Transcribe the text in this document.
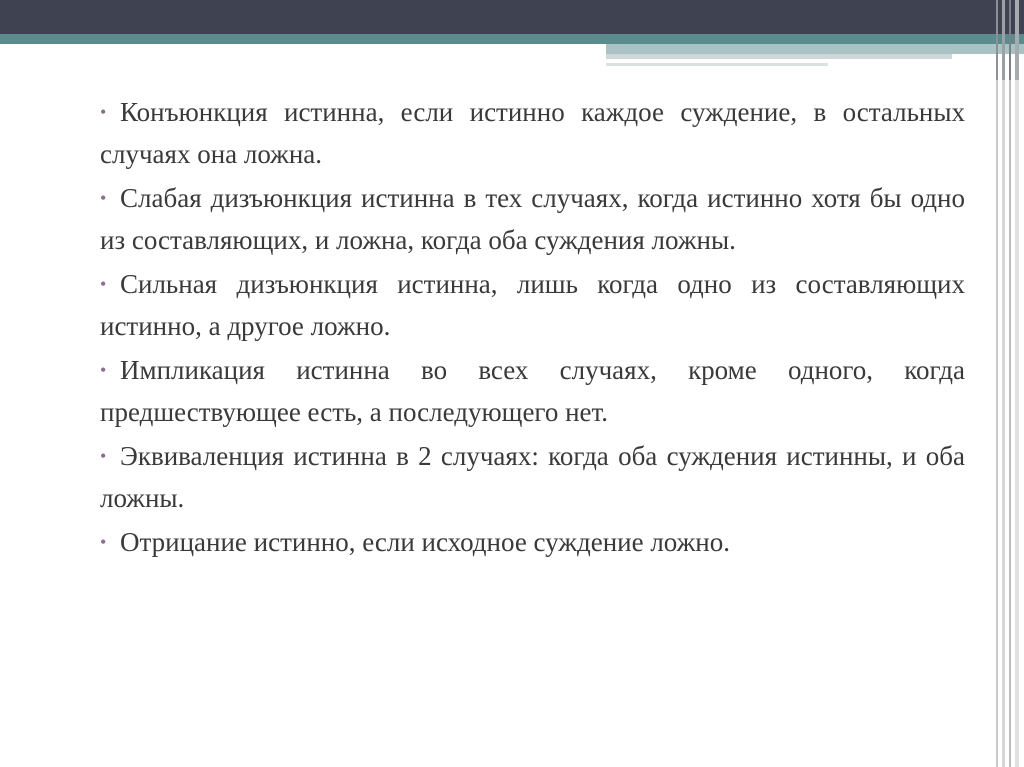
• Конъюнкция истинна, если истинно каждое суждение, в остальных случаях она ложна.

• Слабая дизъюнкция истинна в тех случаях, когда истинно хотя бы одно из составляющих, и ложна, когда оба суждения ложны.

• Сильная дизъюнкция истинна, лишь когда одно из составляющих истинно, а другое ложно.

• Импликация истинна во всех случаях, кроме одного, когда предшествующее есть, а последующего нет.

• Эквиваленция истинна в 2 случаях: когда оба суждения истинны, и оба ложны.

• Отрицание истинно, если исходное суждение ложно.
